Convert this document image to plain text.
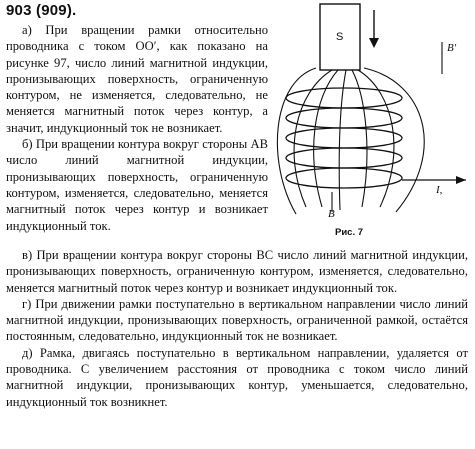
903 (909).

а) При вращении рамки относительно проводника с током OO′, как показано на рисунке 97, число линий магнитной индукции, пронизывающих поверхность, ограниченную контуром, не изменяется, следовательно, не меняется магнитный поток через контур, а значит, индукционный ток не возникает.

б) При вращении контура вокруг стороны AB число линий магнитной индукции, пронизывающих поверхность, ограниченную контуром, изменяется, следовательно, меняется магнитный поток через контур и возникает индукционный ток.

S
B′
B
I,
Рис. 7

в) При вращении контура вокруг стороны BC число линий магнитной индукции, пронизывающих поверхность, ограниченную контуром, изменяется, следовательно, меняется магнитный поток через контур и возникает индукционный ток.

г) При движении рамки поступательно в вертикальном направлении число линий магнитной индукции, пронизывающих поверхность, ограниченной рамкой, остаётся постоянным, следовательно, индукционный ток не возникает.

д) Рамка, двигаясь поступательно в вертикальном направлении, удаляется от проводника. С увеличением расстояния от проводника с током число линий магнитной индукции, пронизывающих контур, уменьшается, следовательно, индукционный ток возникнет.
